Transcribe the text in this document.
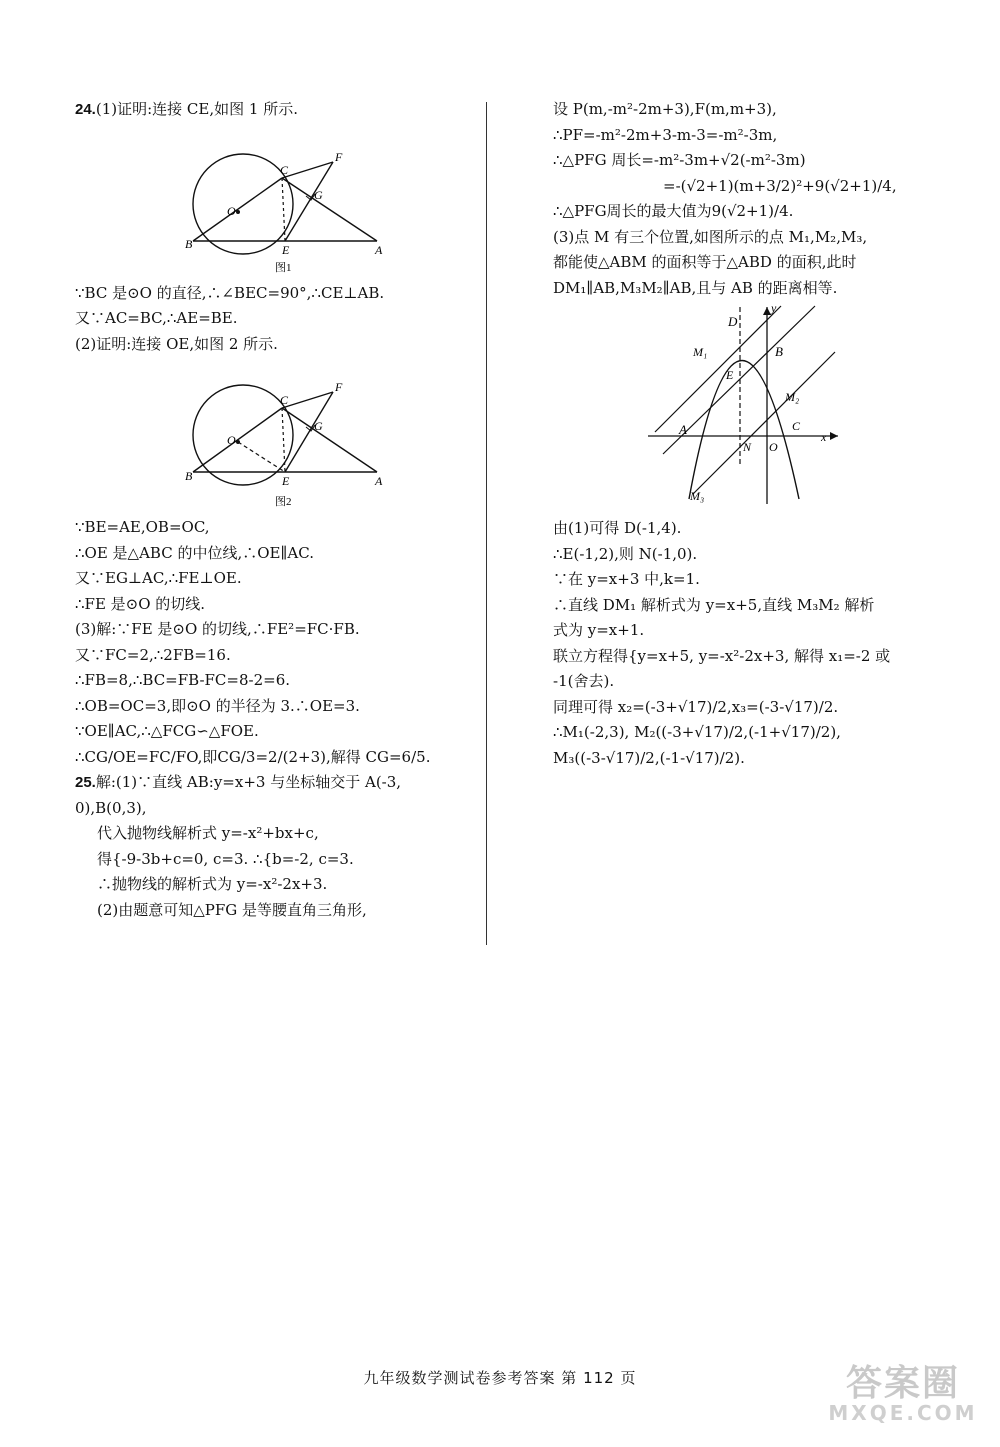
24.(1)证明:连接 CE,如图 1 所示.
O
C
F
G
B	E	A
图1
∵BC 是⊙O 的直径,∴∠BEC=90°,∴CE⊥AB.
又∵AC=BC,∴AE=BE.
(2)证明:连接 OE,如图 2 所示.
O
C
F
G
B	E	A
图2
∵BE=AE,OB=OC,
∴OE 是△ABC 的中位线,∴OE∥AC.
又∵EG⊥AC,∴FE⊥OE.
∴FE 是⊙O 的切线.
(3)解:∵FE 是⊙O 的切线,∴FE²=FC·FB.
又∵FC=2,∴2FB=16.
∴FB=8,∴BC=FB-FC=8-2=6.
∴OB=OC=3,即⊙O 的半径为 3.∴OE=3.
∵OE∥AC,∴△FCG∽△FOE.
∴CG/OE=FC/FO,即CG/3=2/(2+3),解得 CG=6/5.
25.解:(1)∵直线 AB:y=x+3 与坐标轴交于 A(-3,
0),B(0,3),
代入抛物线解析式 y=-x²+bx+c,
得{-9-3b+c=0, c=3. ∴{b=-2, c=3.
∴抛物线的解析式为 y=-x²-2x+3.
(2)由题意可知△PFG 是等腰直角三角形,
设 P(m,-m²-2m+3),F(m,m+3),
∴PF=-m²-2m+3-m-3=-m²-3m,
∴△PFG 周长=-m²-3m+√2(-m²-3m)
=-(√2+1)(m+3/2)²+9(√2+1)/4,
∴△PFG周长的最大值为9(√2+1)/4.
(3)点 M 有三个位置,如图所示的点 M₁,M₂,M₃,
都能使△ABM 的面积等于△ABD 的面积,此时
DM₁∥AB,M₃M₂∥AB,且与 AB 的距离相等.
D
y
M₁	B
E
M₂
A
N O
C
x
M₃
由(1)可得 D(-1,4).
∴E(-1,2),则 N(-1,0).
∵在 y=x+3 中,k=1.
∴直线 DM₁ 解析式为 y=x+5,直线 M₃M₂ 解析
式为 y=x+1.
联立方程得{y=x+5, y=-x²-2x+3, 解得 x₁=-2 或
-1(舍去).
同理可得 x₂=(-3+√17)/2,x₃=(-3-√17)/2.
∴M₁(-2,3), M₂((-3+√17)/2,(-1+√17)/2),
M₃((-3-√17)/2,(-1-√17)/2).
九年级数学测试卷参考答案 第 112 页	答案圈
MXQE.COM
